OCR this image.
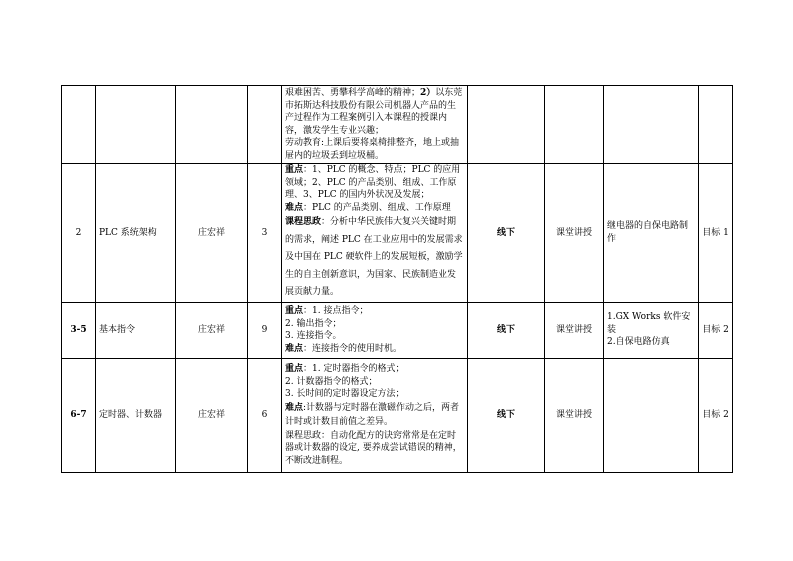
				艰难困苦、勇攀科学高峰的精神；2）以东莞市拓斯达科技股份有限公司机器人产品的生产过程作为工程案例引入本课程的授课内容，激发学生专业兴趣；
劳动教育:上课后要将桌椅排整齐，地上或抽屉内的垃圾丢到垃圾桶。				

2	PLC 系统架构	庄宏祥	3	重点：1、PLC 的概念、特点；PLC 的应用领域；2、PLC 的产品类别、组成、工作原理、3、PLC 的国内外状况及发展；
难点：PLC 的产品类别、组成、工作原理
课程思政：分析中华民族伟大复兴关键时期的需求，阐述 PLC 在工业应用中的发展需求及中国在 PLC 硬软件上的发展短板，激励学生的自主创新意识，为国家、民族制造业发展贡献力量。	线下	课堂讲授	继电器的自保电路制作	目标 1
3-5	基本指令	庄宏祥	9	重点：1. 接点指令；
2. 输出指令；
3. 连接指令。
难点：连接指令的使用时机。	线下	课堂讲授	1.GX Works 软件安装
2.自保电路仿真	目标 2
6-7	定时器、计数器	庄宏祥	6	重点：1. 定时器指令的格式；
2. 计数器指令的格式；
3. 长时间的定时器设定方法；
难点:计数器与定时器在激磁作动之后，两者计时或计数目前值之差异。
课程思政：自动化配方的诀窍常常是在定时器或计数器的设定, 要养成尝试错误的精神，不断改进制程。	线下	课堂讲授		目标 2
